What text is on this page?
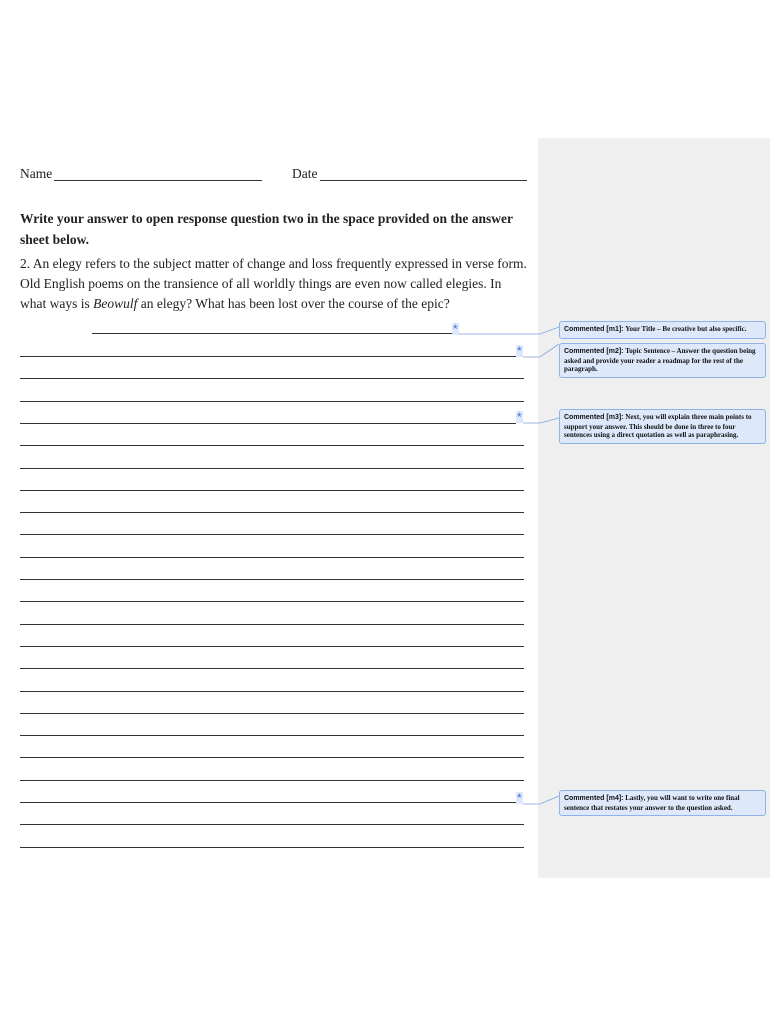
Name	Date
Write your answer to open response question two in the space provided on the answer sheet below.
2. An elegy refers to the subject matter of change and loss frequently expressed in verse form.
Old English poems on the transience of all worldly things are even now called elegies. In
what ways is Beowulf an elegy? What has been lost over the course of the epic?
*
*
*
*
Commented [m1]: Your Title – Be creative but also specific.
Commented [m2]: Topic Sentence – Answer the question being asked and provide your reader a roadmap for the rest of the paragraph.
Commented [m3]: Next, you will explain three main points to support your answer. This should be done in three to four sentences using a direct quotation as well as paraphrasing.
Commented [m4]: Lastly, you will want to write one final sentence that restates your answer to the question asked.
